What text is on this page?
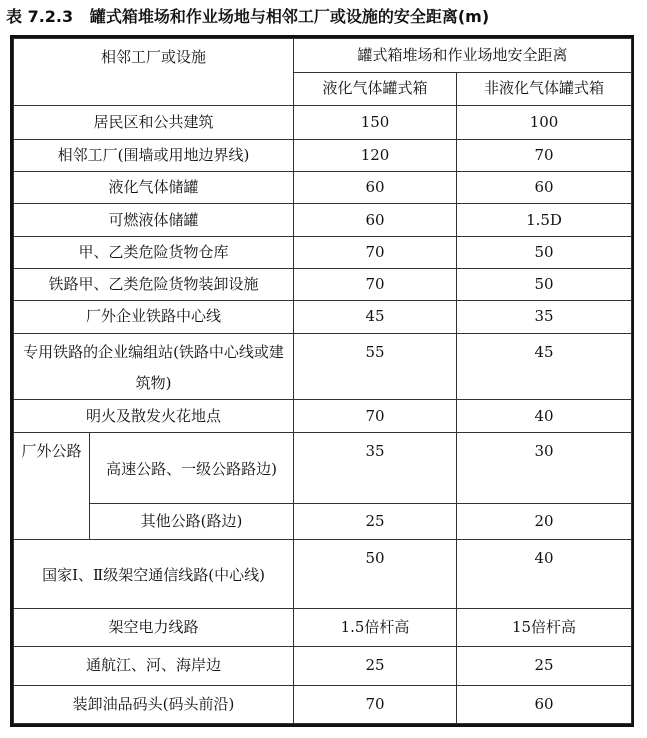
表 7.2.3 罐式箱堆场和作业场地与相邻工厂或设施的安全距离(m)
相邻工厂或设施		罐式箱堆场和作业场地安全距离	
		液化气体罐式箱	非液化气体罐式箱
居民区和公共建筑		150	100
相邻工厂(围墙或用地边界线)		120	70
液化气体储罐		60	60
可燃液体储罐		60	1.5D
甲、乙类危险货物仓库		70	50
铁路甲、乙类危险货物装卸设施		70	50
厂外企业铁路中心线		45	35
专用铁路的企业编组站(铁路中心线或建筑物)		55	45
明火及散发火花地点		70	40
厂外公路	高速公路、一级公路路边)	35	30
	其他公路(路边)	25	20
国家Ⅰ、Ⅱ级架空通信线路(中心线)		50	40
架空电力线路		1.5倍杆高	15倍杆高
通航江、河、海岸边		25	25
装卸油品码头(码头前沿)		70	60
